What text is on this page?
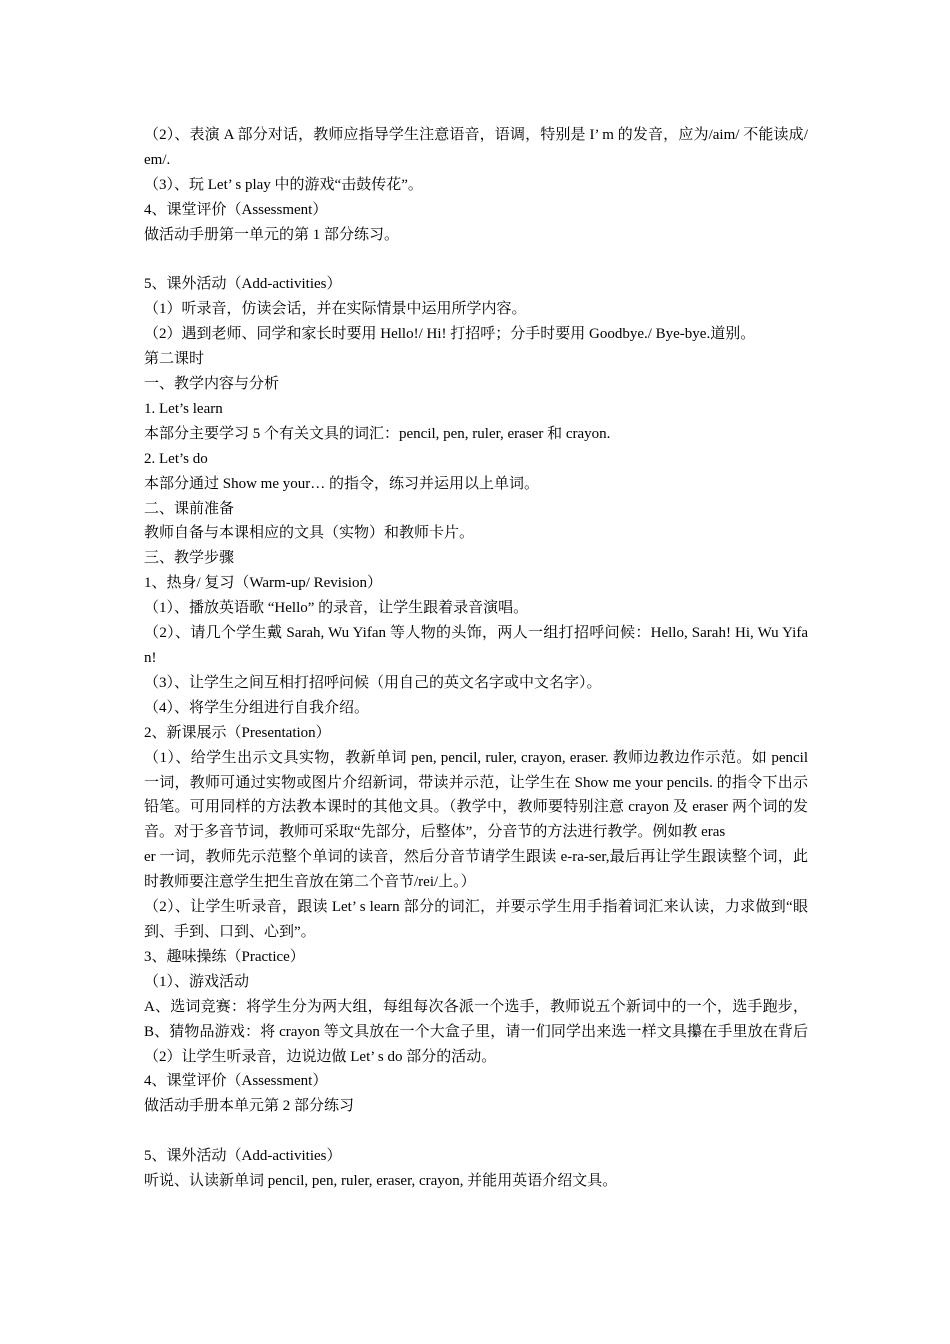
（2）、表演 A 部分对话，教师应指导学生注意语音，语调，特别是 I’ m 的发音，应为/aim/ 不能读成/em/.

（3）、玩 Let’ s play 中的游戏“击鼓传花”。

4、课堂评价（Assessment）

做活动手册第一单元的第 1 部分练习。

5、课外活动（Add-activities）

（1）听录音，仿读会话，并在实际情景中运用所学内容。

（2）遇到老师、同学和家长时要用 Hello!/ Hi! 打招呼；分手时要用 Goodbye./ Bye-bye.道别。

第二课时

一、教学内容与分析

1. Let’s learn

本部分主要学习 5 个有关文具的词汇：pencil, pen, ruler, eraser 和 crayon.

2. Let’s do

本部分通过 Show me your… 的指令，练习并运用以上单词。

二、课前准备

教师自备与本课相应的文具（实物）和教师卡片。

三、教学步骤

1、热身/ 复习（Warm-up/ Revision）

（1）、播放英语歌 “Hello” 的录音，让学生跟着录音演唱。

（2）、请几个学生戴 Sarah, Wu Yifan 等人物的头饰，两人一组打招呼问候：Hello, Sarah! Hi, Wu Yifan!

（3）、让学生之间互相打招呼问候（用自己的英文名字或中文名字）。

（4）、将学生分组进行自我介绍。

2、新课展示（Presentation）

（1）、给学生出示文具实物，教新单词 pen, pencil, ruler, crayon, eraser. 教师边教边作示范。如 pencil 一词，教师可通过实物或图片介绍新词，带读并示范，让学生在 Show me your pencils. 的指令下出示铅笔。可用同样的方法教本课时的其他文具。（教学中，教师要特别注意 crayon 及 eraser 两个词的发音。对于多音节词，教师可采取“先部分，后整体”，分音节的方法进行教学。例如教 eras

er 一词，教师先示范整个单词的读音，然后分音节请学生跟读 e-ra-ser,最后再让学生跟读整个词，此时教师要注意学生把生音放在第二个音节/rei/上。）

（2）、让学生听录音，跟读 Let’ s learn 部分的词汇，并要示学生用手指着词汇来认读，力求做到“眼到、手到、口到、心到”。

3、趣味操练（Practice）

（1）、游戏活动

A、选词竞赛：将学生分为两大组，每组每次各派一个选手，教师说五个新词中的一个，选手跑步，B、猜物品游戏：将 crayon 等文具放在一个大盒子里，请一们同学出来选一样文具攥在手里放在背后（2）让学生听录音，边说边做 Let’ s do 部分的活动。

4、课堂评价（Assessment）

做活动手册本单元第 2 部分练习

5、课外活动（Add-activities）

听说、认读新单词 pencil, pen, ruler, eraser, crayon, 并能用英语介绍文具。
